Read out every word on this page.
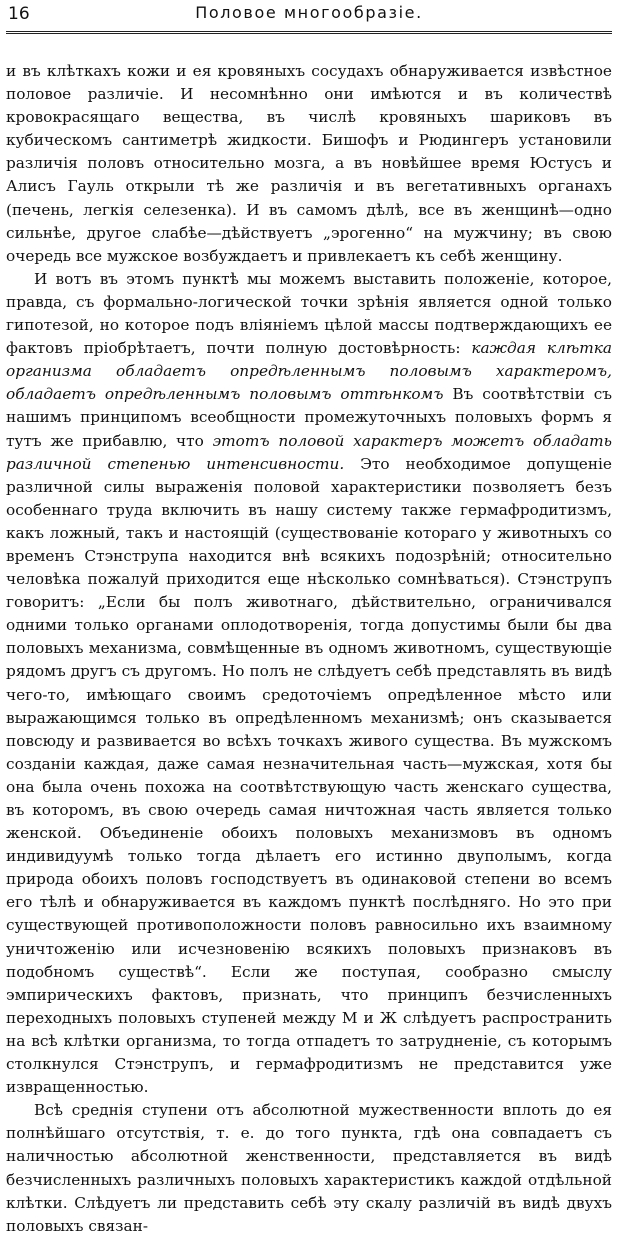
16	Половое многообразіе.

и въ клѣткахъ кожи и ея кровяныхъ сосудахъ обнаруживается извѣстное половое различіе. И несомнѣнно они имѣются и въ количествѣ кровокрасящаго вещества, въ числѣ кровяныхъ шариковъ въ кубическомъ сантиметрѣ жидкости. Бишофъ и Рюдингеръ установили различія половъ относительно мозга, а въ новѣйшее время Юстусъ и Алисъ Гауль открыли тѣ же различія и въ вегетативныхъ органахъ (печень, легкія селезенка). И въ самомъ дѣлѣ, все въ женщинѣ—одно сильнѣе, другое слабѣе—дѣйствуетъ „эрогенно“ на мужчину; въ свою очередь все мужское возбуждаетъ и привлекаетъ къ себѣ женщину.

И вотъ въ этомъ пунктѣ мы можемъ выставить положеніе, которое, правда, съ формально-логической точки зрѣнія является одной только гипотезой, но которое подъ вліяніемъ цѣлой массы подтверждающихъ ее фактовъ пріобрѣтаетъ, почти полную достовѣрность: каждая клѣтка организма обладаетъ опредѣленнымъ половымъ характеромъ, обладаетъ опредѣленнымъ половымъ оттѣнкомъ Въ соотвѣтствіи съ нашимъ принципомъ всеобщности промежуточныхъ половыхъ формъ я тутъ же прибавлю, что этотъ половой характеръ можетъ обладать различной степенью интенсивности. Это необходимое допущеніе различной силы выраженія половой характеристики позволяетъ безъ особеннаго труда включить въ нашу систему также гермафродитизмъ, какъ ложный, такъ и настоящій (существованіе котораго у животныхъ со временъ Стэнструпа находится внѣ всякихъ подозрѣній; относительно человѣка пожалуй приходится еще нѣсколько сомнѣваться). Стэнструпъ говоритъ: „Если бы полъ животнаго, дѣйствительно, ограничивался одними только органами оплодотворенія, тогда допустимы были бы два половыхъ механизма, совмѣщенные въ одномъ животномъ, существующіе рядомъ другъ съ другомъ. Но полъ не слѣдуетъ себѣ представлять въ видѣ чего-то, имѣющаго своимъ средоточіемъ опредѣленное мѣсто или выражающимся только въ опредѣленномъ механизмѣ; онъ сказывается повсюду и развивается во всѣхъ точкахъ живого существа. Въ мужскомъ созданіи каждая, даже самая незначительная часть—мужская, хотя бы она была очень похожа на соотвѣтствующую часть женскаго существа, въ которомъ, въ свою очередь самая ничтожная часть является только женской. Объединеніе обоихъ половыхъ механизмовъ въ одномъ индивидуумѣ только тогда дѣлаетъ его истинно двуполымъ, когда природа обоихъ половъ господствуетъ въ одинаковой степени во всемъ его тѣлѣ и обнаруживается въ каждомъ пунктѣ послѣдняго. Но это при существующей противоположности половъ равносильно ихъ взаимному уничтоженію или исчезновенію всякихъ половыхъ признаковъ въ подобномъ существѣ“. Если же поступая, сообразно смыслу эмпирическихъ фактовъ, признать, что принципъ безчисленныхъ переходныхъ половыхъ ступеней между М и Ж слѣдуетъ распространить на всѣ клѣтки организма, то тогда отпадетъ то затрудненіе, съ которымъ столкнулся Стэнструпъ, и гермафродитизмъ не представится уже извращенностью.

Всѣ среднія ступени отъ абсолютной мужественности вплоть до ея полнѣйшаго отсутствія, т. е. до того пункта, гдѣ она совпадаетъ съ наличностью абсолютной женственности, представляется въ видѣ безчисленныхъ различныхъ половыхъ характеристикъ каждой отдѣльной клѣтки. Слѣдуетъ ли представить себѣ эту скалу различій въ видѣ двухъ половыхъ связан-
